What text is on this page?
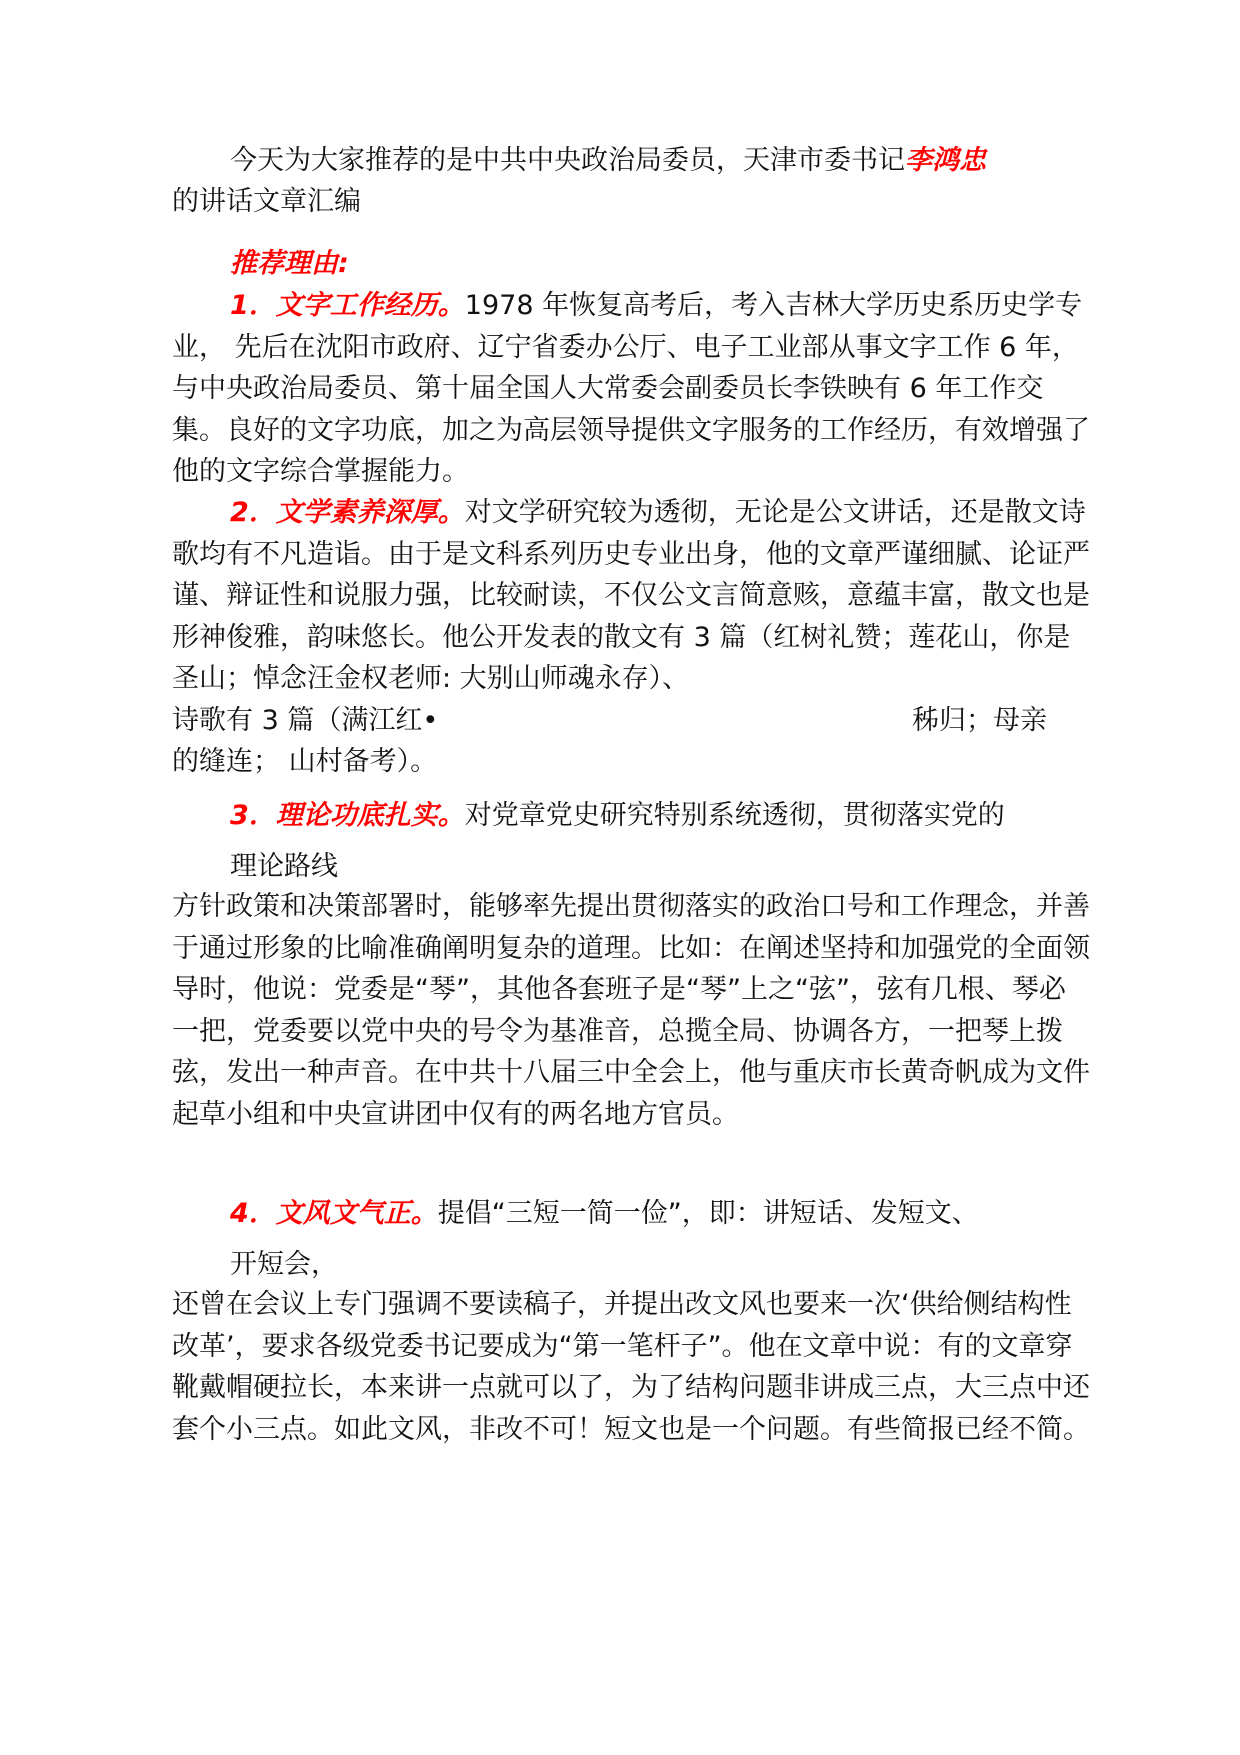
今天为大家推荐的是中共中央政治局委员，天津市委书记李鸿忠

的讲话文章汇编

推荐理由:

1．文字工作经历。1978 年恢复高考后，考入吉林大学历史系历史学专业， 先后在沈阳市政府、辽宁省委办公厅、电子工业部从事文字工作 6 年，与中央政治局委员、第十届全国人大常委会副委员长李铁映有 6 年工作交集。良好的文字功底，加之为高层领导提供文字服务的工作经历，有效增强了他的文字综合掌握能力。

2．文学素养深厚。对文学研究较为透彻，无论是公文讲话，还是散文诗歌均有不凡造诣。由于是文科系列历史专业出身，他的文章严谨细腻、论证严谨、辩证性和说服力强，比较耐读，不仅公文言简意赅，意蕴丰富，散文也是形神俊雅，韵味悠长。他公开发表的散文有 3 篇（红树礼赞；莲花山，你是圣山；悼念汪金权老师: 大别山师魂永存）、

诗歌有 3 篇（满江红•	秭归；母亲

的缝连； 山村备考）。

3．理论功底扎实。对党章党史研究特别系统透彻，贯彻落实党的

理论路线

方针政策和决策部署时，能够率先提出贯彻落实的政治口号和工作理念，并善于通过形象的比喻准确阐明复杂的道理。比如：在阐述坚持和加强党的全面领导时，他说：党委是“琴”，其他各套班子是“琴”上之“弦”，弦有几根、琴必一把，党委要以党中央的号令为基准音，总揽全局、协调各方，一把琴上拨弦，发出一种声音。在中共十八届三中全会上，他与重庆市长黄奇帆成为文件起草小组和中央宣讲团中仅有的两名地方官员。

4．文风文气正。提倡“三短一简一俭”，即：讲短话、发短文、

开短会，

还曾在会议上专门强调不要读稿子，并提出改文风也要来一次‘供给侧结构性改革’，要求各级党委书记要成为“第一笔杆子”。他在文章中说：有的文章穿靴戴帽硬拉长，本来讲一点就可以了，为了结构问题非讲成三点，大三点中还套个小三点。如此文风，非改不可！短文也是一个问题。有些简报已经不简。
